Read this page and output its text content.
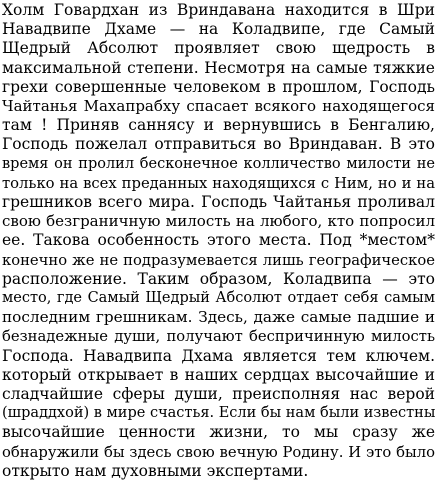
Холм Говардхан из Вриндавана находится в Шри
Навадвипе Дхаме — на Коладвипе, где Самый
Щедрый Абсолют проявляет свою щедрость в
максимальной степени. Несмотря на самые тяжкие
грехи совершенные человеком в прошлом, Господь
Чайтанья Махапрабху спасает всякого находящегося
там ! Приняв саннясу и вернувшись в Бенгалию,
Господь пожелал отправиться во Вриндаван. В это
время он пролил бесконечное колличество милости не
только на всех преданных находящихся с Ним, но и на
грешников всего мира. Господь Чайтанья проливал
свою безграничную милость на любого, кто попросил
ее. Такова особенность этого места. Под *местом*
конечно же не подразумевается лишь географическое
расположение. Таким образом, Коладвипа — это
место, где Самый Щедрый Абсолют отдает себя самым
последним грешникам. Здесь, даже самые падшие и
безнадежные души, получают беспричинную милость
Господа. Навадвипа Дхама является тем ключем.
который открывает в наших сердцах высочайшие и
сладчайшие сферы души, преисполняя нас верой
(шраддхой) в мире счастья. Если бы нам были известны
высочайшие ценности жизни, то мы сразу же
обнаружили бы здесь свою вечную Родину. И это было
открыто нам духовными экспертами.
